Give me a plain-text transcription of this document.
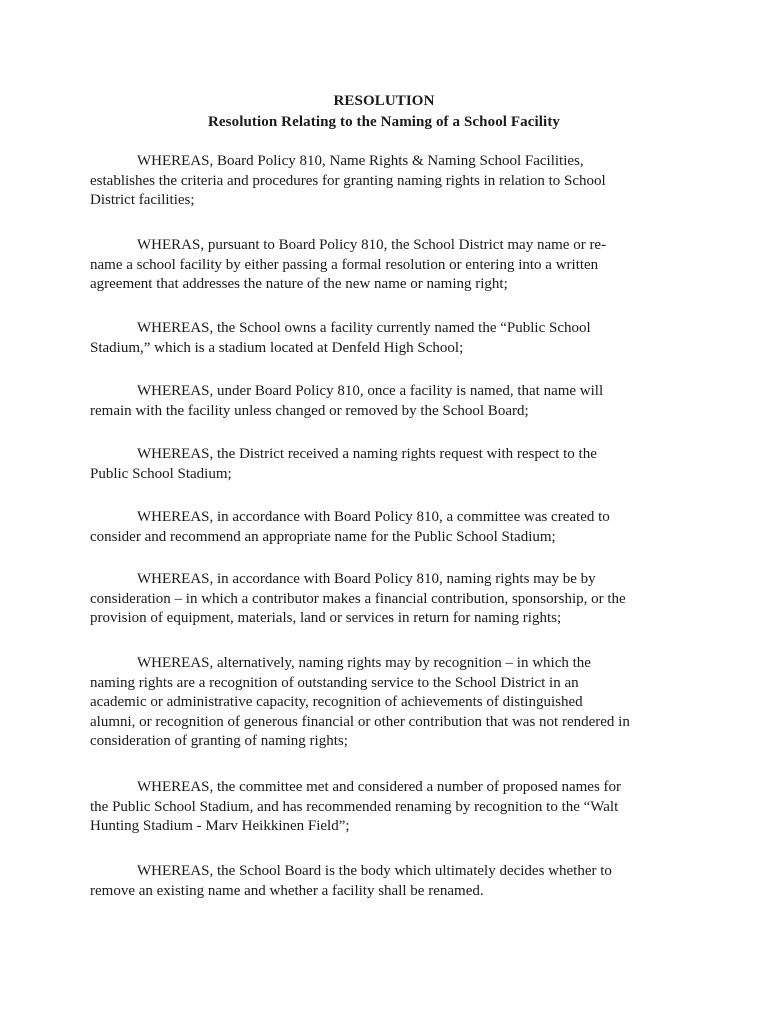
RESOLUTION
Resolution Relating to the Naming of a School Facility

WHEREAS, Board Policy 810, Name Rights & Naming School Facilities,
establishes the criteria and procedures for granting naming rights in relation to School
District facilities;

WHERAS, pursuant to Board Policy 810, the School District may name or re-
name a school facility by either passing a formal resolution or entering into a written
agreement that addresses the nature of the new name or naming right;

WHEREAS, the School owns a facility currently named the “Public School
Stadium,” which is a stadium located at Denfeld High School;

WHEREAS, under Board Policy 810, once a facility is named, that name will
remain with the facility unless changed or removed by the School Board;

WHEREAS, the District received a naming rights request with respect to the
Public School Stadium;

WHEREAS, in accordance with Board Policy 810, a committee was created to
consider and recommend an appropriate name for the Public School Stadium;

WHEREAS, in accordance with Board Policy 810, naming rights may be by
consideration – in which a contributor makes a financial contribution, sponsorship, or the
provision of equipment, materials, land or services in return for naming rights;

WHEREAS, alternatively, naming rights may by recognition – in which the
naming rights are a recognition of outstanding service to the School District in an
academic or administrative capacity, recognition of achievements of distinguished
alumni, or recognition of generous financial or other contribution that was not rendered in
consideration of granting of naming rights;

WHEREAS, the committee met and considered a number of proposed names for
the Public School Stadium, and has recommended renaming by recognition to the “Walt
Hunting Stadium - Marv Heikkinen Field”;

WHEREAS, the School Board is the body which ultimately decides whether to
remove an existing name and whether a facility shall be renamed.
